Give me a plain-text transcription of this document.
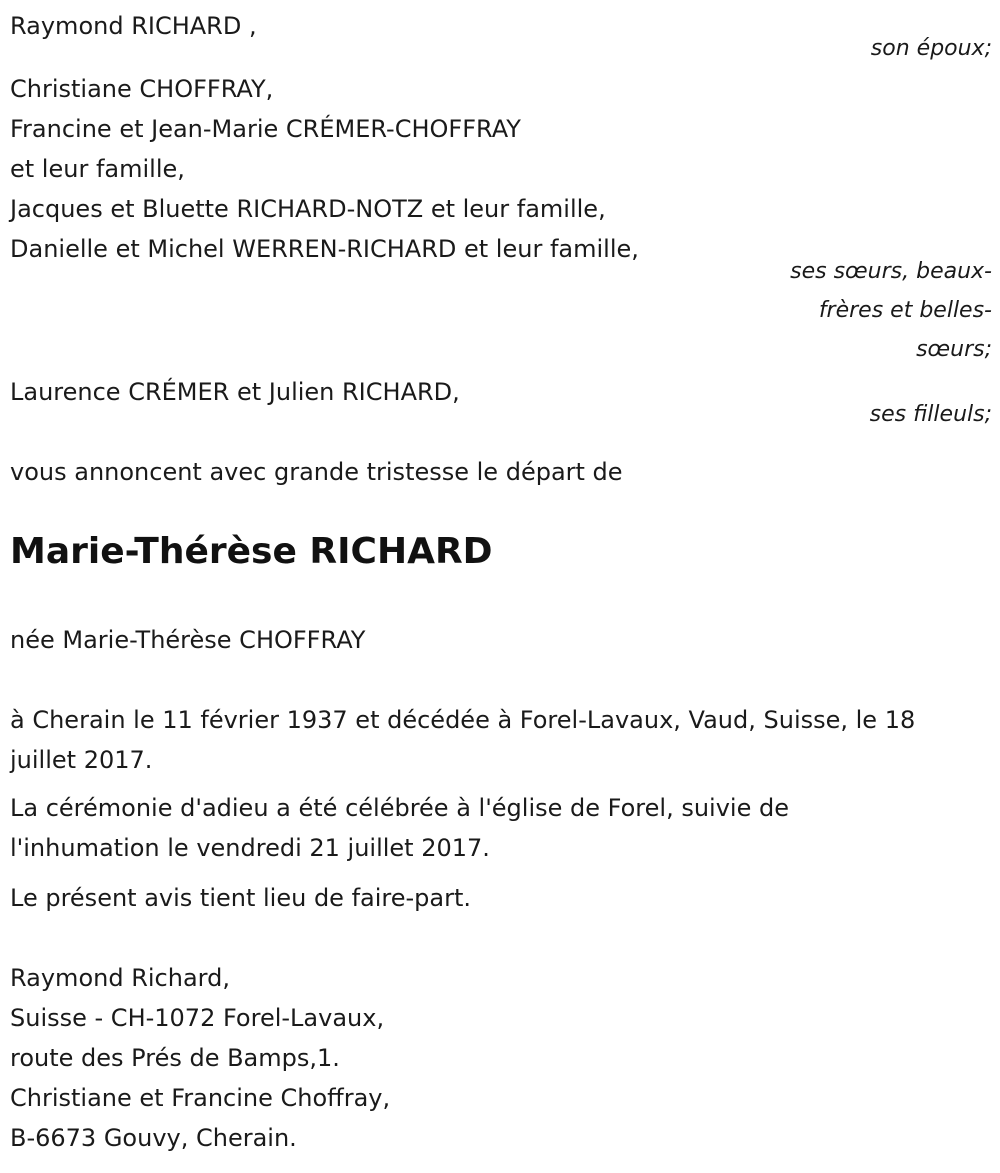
Raymond RICHARD ,
son époux;
Christiane CHOFFRAY,
Francine et Jean-Marie CRÉMER-CHOFFRAY
et leur famille,
Jacques et Bluette RICHARD-NOTZ et leur famille,
Danielle et Michel WERREN-RICHARD et leur famille,
ses sœurs, beaux-
frères et belles-
sœurs;
Laurence CRÉMER et Julien RICHARD,
ses filleuls;
vous annoncent avec grande tristesse le départ de
Marie-Thérèse RICHARD
née Marie-Thérèse CHOFFRAY
à Cherain le 11 février 1937 et décédée à Forel-Lavaux, Vaud, Suisse, le 18
juillet 2017.
La cérémonie d'adieu a été célébrée à l'église de Forel, suivie de
l'inhumation le vendredi 21 juillet 2017.
Le présent avis tient lieu de faire-part.
Raymond Richard,
Suisse - CH-1072 Forel-Lavaux,
route des Prés de Bamps,1.
Christiane et Francine Choffray,
B-6673 Gouvy, Cherain.
